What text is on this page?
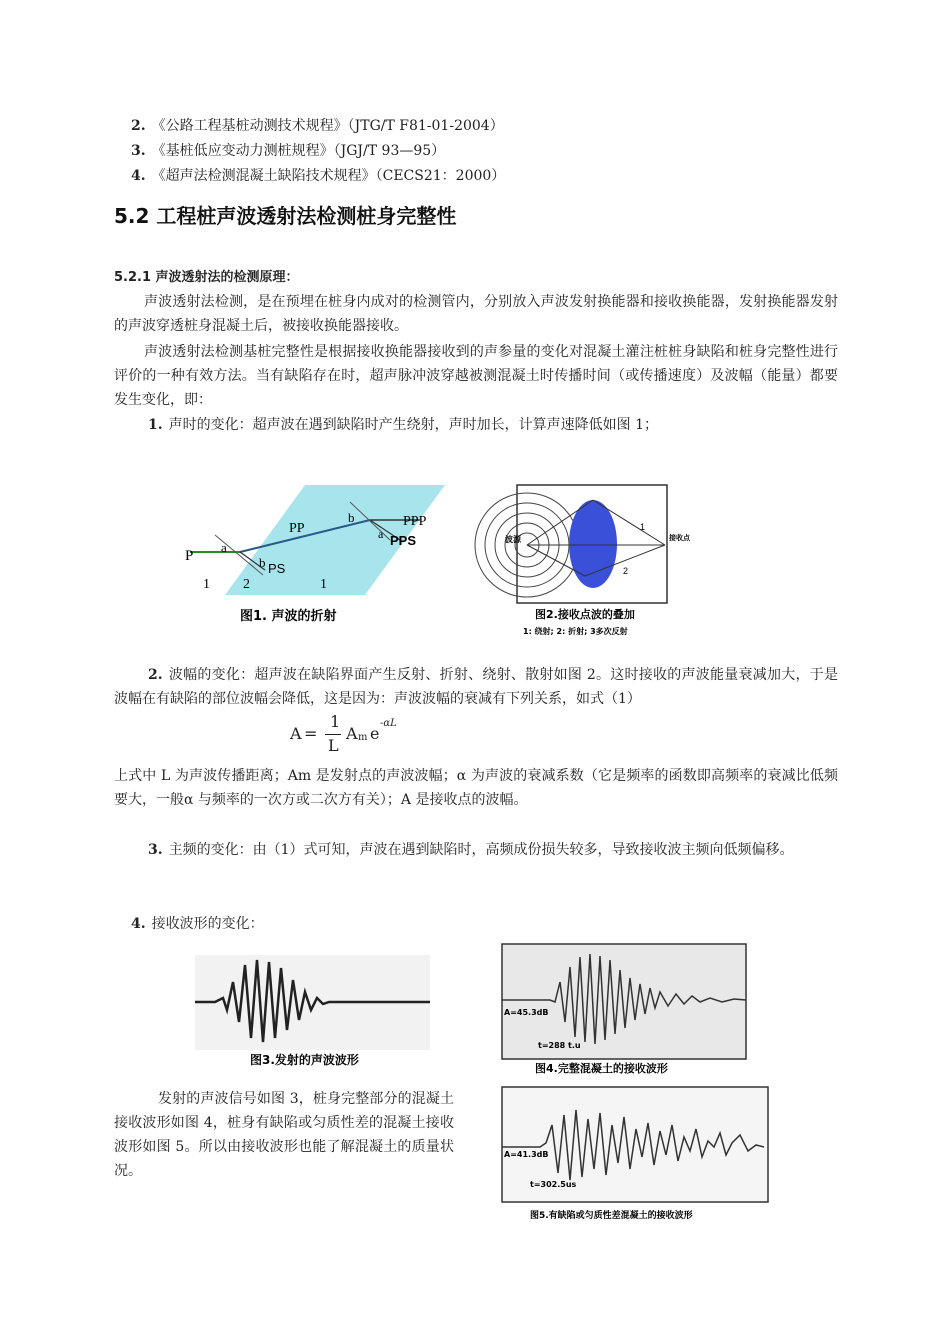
2. 《公路工程基桩动测技术规程》（JTG/T F81-01-2004）
3. 《基桩低应变动力测桩规程》（JGJ/T 93—95）
4. 《超声法检测混凝土缺陷技术规程》（CECS21：2000）
5.2 工程桩声波透射法检测桩身完整性
5.2.1 声波透射法的检测原理：
声波透射法检测，是在预埋在桩身内成对的检测管内，分别放入声波发射换能器和接收换能器，发射换能器发射的声波穿透桩身混凝土后，被接收换能器接收。
声波透射法检测基桩完整性是根据接收换能器接收到的声参量的变化对混凝土灌注桩桩身缺陷和桩身完整性进行评价的一种有效方法。当有缺陷存在时，超声脉冲波穿越被测混凝土时传播时间（或传播速度）及波幅（能量）都要发生变化，即：
1. 声时的变化：超声波在遇到缺陷时产生绕射，声时加长，计算声速降低如图 1；
P
a
b PS
PP
b
a
PPP
PPS
1 2	1
图1. 声波的折射
波源	接收点
1
2
图2.接收点波的叠加
1: 绕射; 2: 折射; 3多次反射
2. 波幅的变化：超声波在缺陷界面产生反射、折射、绕射、散射如图 2。这时接收的声波能量衰减加大，于是波幅在有缺陷的部位波幅会降低，这是因为：声波波幅的衰减有下列关系，如式（1）
A =
1
L
A m e
-αL
上式中 L 为声波传播距离；Am 是发射点的声波波幅；α 为声波的衰减系数（它是频率的函数即高频率的衰减比低频要大，一般α 与频率的一次方或二次方有关）；A 是接收点的波幅。
3. 主频的变化：由（1）式可知，声波在遇到缺陷时，高频成份损失较多，导致接收波主频向低频偏移。
4. 接收波形的变化：
图3.发射的声波波形
A=45.3dB
t=288 t.u
图4.完整混凝土的接收波形
发射的声波信号如图 3，桩身完整部分的混凝土接收波形如图 4，桩身有缺陷或匀质性差的混凝土接收波形如图 5。所以由接收波形也能了解混凝土的质量状况。
A=41.3dB
t=302.5us
图5.有缺陷或匀质性差混凝土的接收波形
